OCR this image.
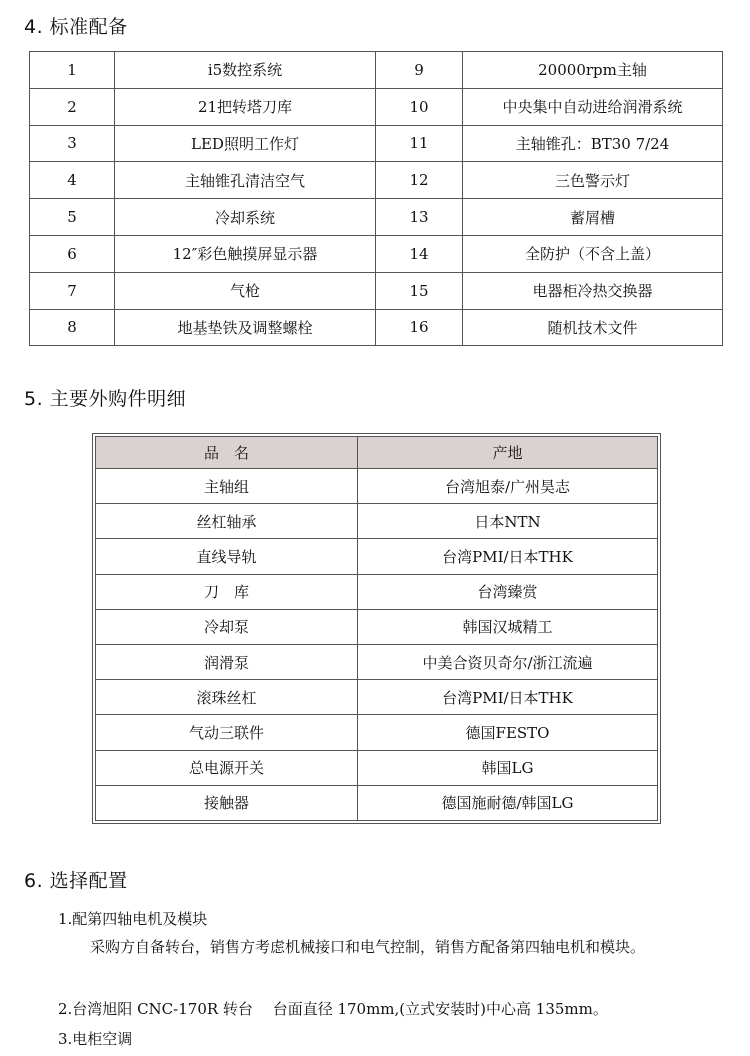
4. 标准配备
1	i5数控系统	9	20000rpm主轴
2	21把转塔刀库	10	中央集中自动进给润滑系统
3	LED照明工作灯	11	主轴锥孔：BT30 7/24
4	主轴锥孔清洁空气	12	三色警示灯
5	冷却系统	13	蓄屑槽
6	12″彩色触摸屏显示器	14	全防护（不含上盖）
7	气枪	15	电器柜冷热交换器
8	地基垫铁及调整螺栓	16	随机技术文件
5. 主要外购件明细
品　名	产地
主轴组	台湾旭泰/广州昊志
丝杠轴承	日本NTN
直线导轨	台湾PMI/日本THK
刀　库	台湾臻赏
冷却泵	韩国汉城精工
润滑泵	中美合资贝奇尔/浙江流遍
滚珠丝杠	台湾PMI/日本THK
气动三联件	德国FESTO
总电源开关	韩国LG
接触器	德国施耐德/韩国LG
6. 选择配置

1.配第四轴电机及模块

采购方自备转台，销售方考虑机械接口和电气控制，销售方配备第四轴电机和模块。

2.台湾旭阳 CNC-170R 转台　 台面直径 170mm,(立式安装时)中心高 135mm。

3.电柜空调
